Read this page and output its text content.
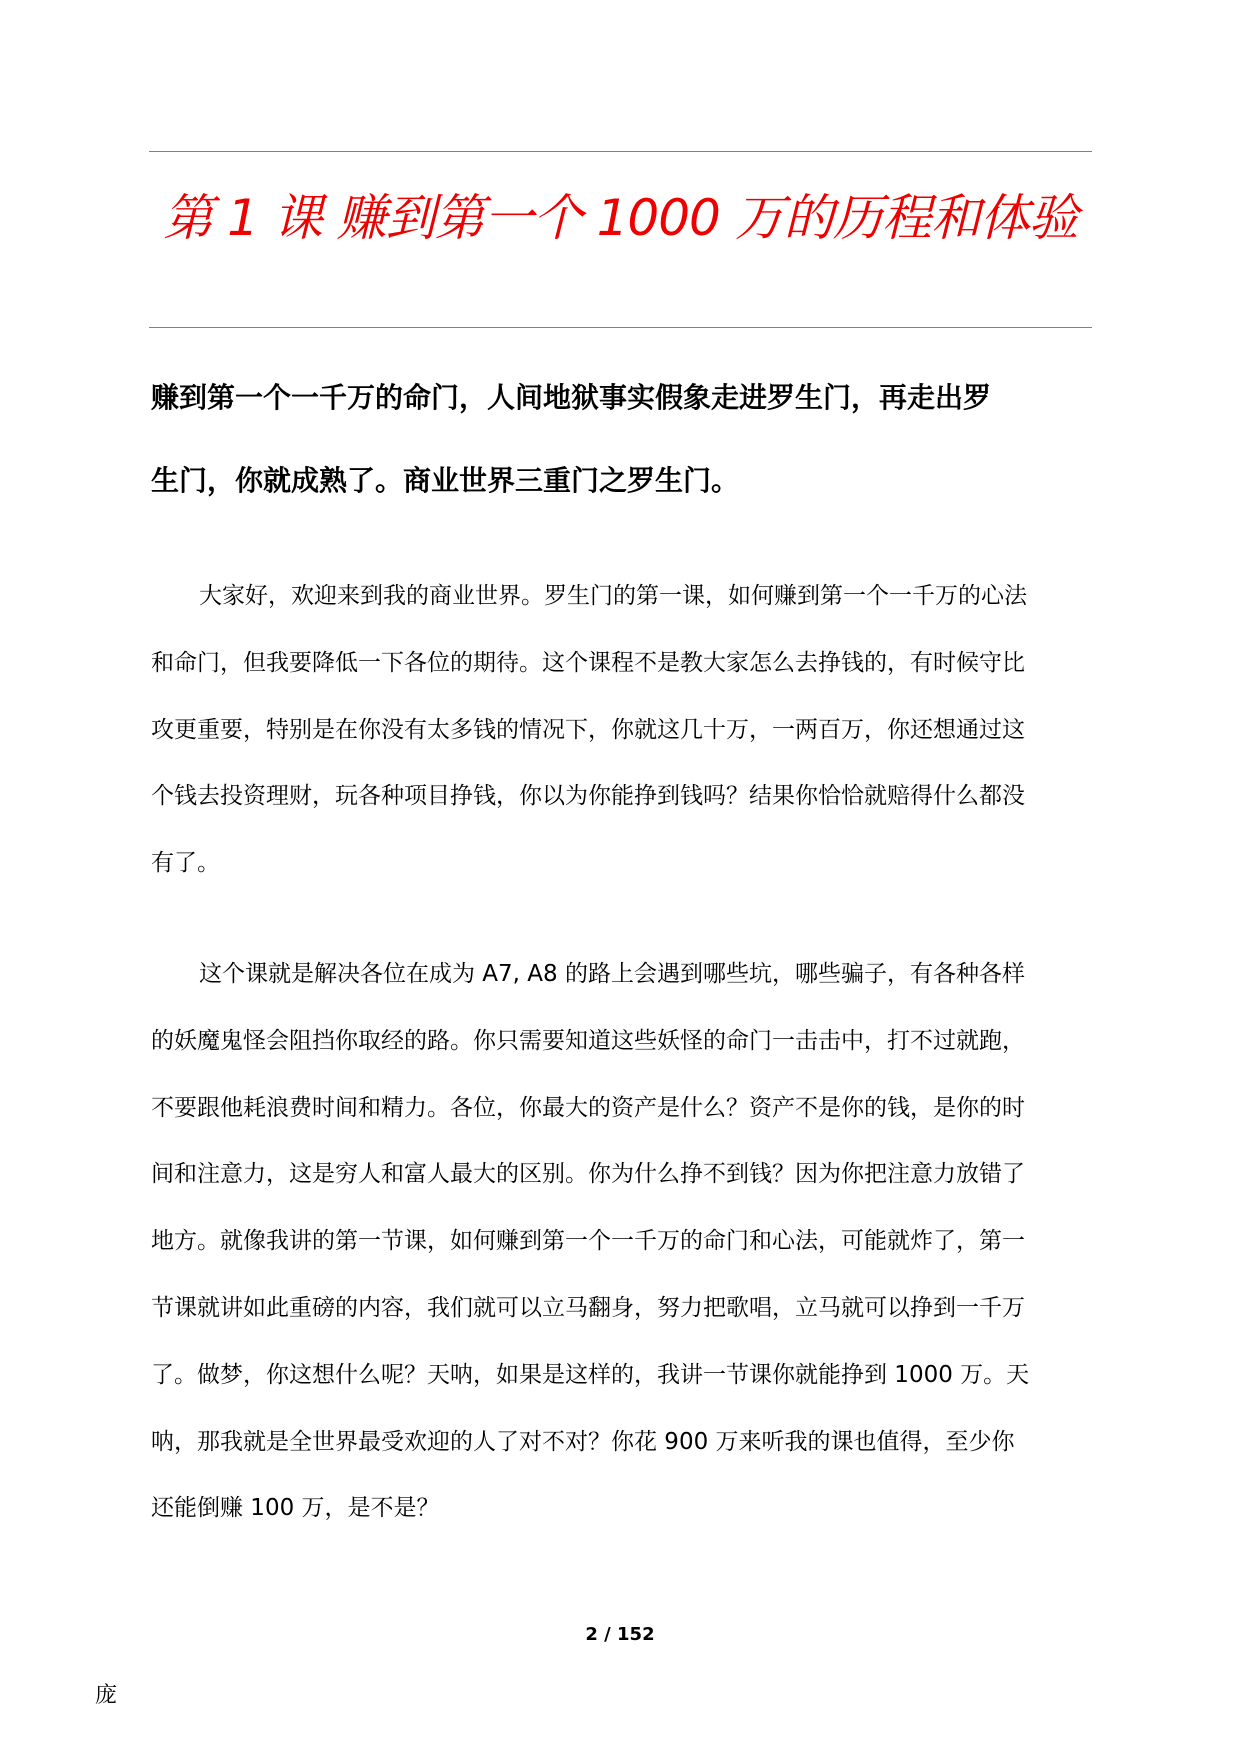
第 1 课 赚到第一个 1000 万的历程和体验
赚到第一个一千万的命门，人间地狱事实假象走进罗生门，再走出罗
生门，你就成熟了。商业世界三重门之罗生门。

大家好，欢迎来到我的商业世界。罗生门的第一课，如何赚到第一个一千万的心法
和命门，但我要降低一下各位的期待。这个课程不是教大家怎么去挣钱的，有时候守比
攻更重要，特别是在你没有太多钱的情况下，你就这几十万，一两百万，你还想通过这
个钱去投资理财，玩各种项目挣钱，你以为你能挣到钱吗？结果你恰恰就赔得什么都没
有了。

这个课就是解决各位在成为 A7, A8 的路上会遇到哪些坑，哪些骗子，有各种各样
的妖魔鬼怪会阻挡你取经的路。你只需要知道这些妖怪的命门一击击中，打不过就跑，
不要跟他耗浪费时间和精力。各位，你最大的资产是什么？资产不是你的钱，是你的时
间和注意力，这是穷人和富人最大的区别。你为什么挣不到钱？因为你把注意力放错了
地方。就像我讲的第一节课，如何赚到第一个一千万的命门和心法，可能就炸了，第一
节课就讲如此重磅的内容，我们就可以立马翻身，努力把歌唱，立马就可以挣到一千万
了。做梦，你这想什么呢？天呐，如果是这样的，我讲一节课你就能挣到 1000 万。天
呐，那我就是全世界最受欢迎的人了对不对？你花 900 万来听我的课也值得，至少你
还能倒赚 100 万，是不是？

2 / 152
庞
